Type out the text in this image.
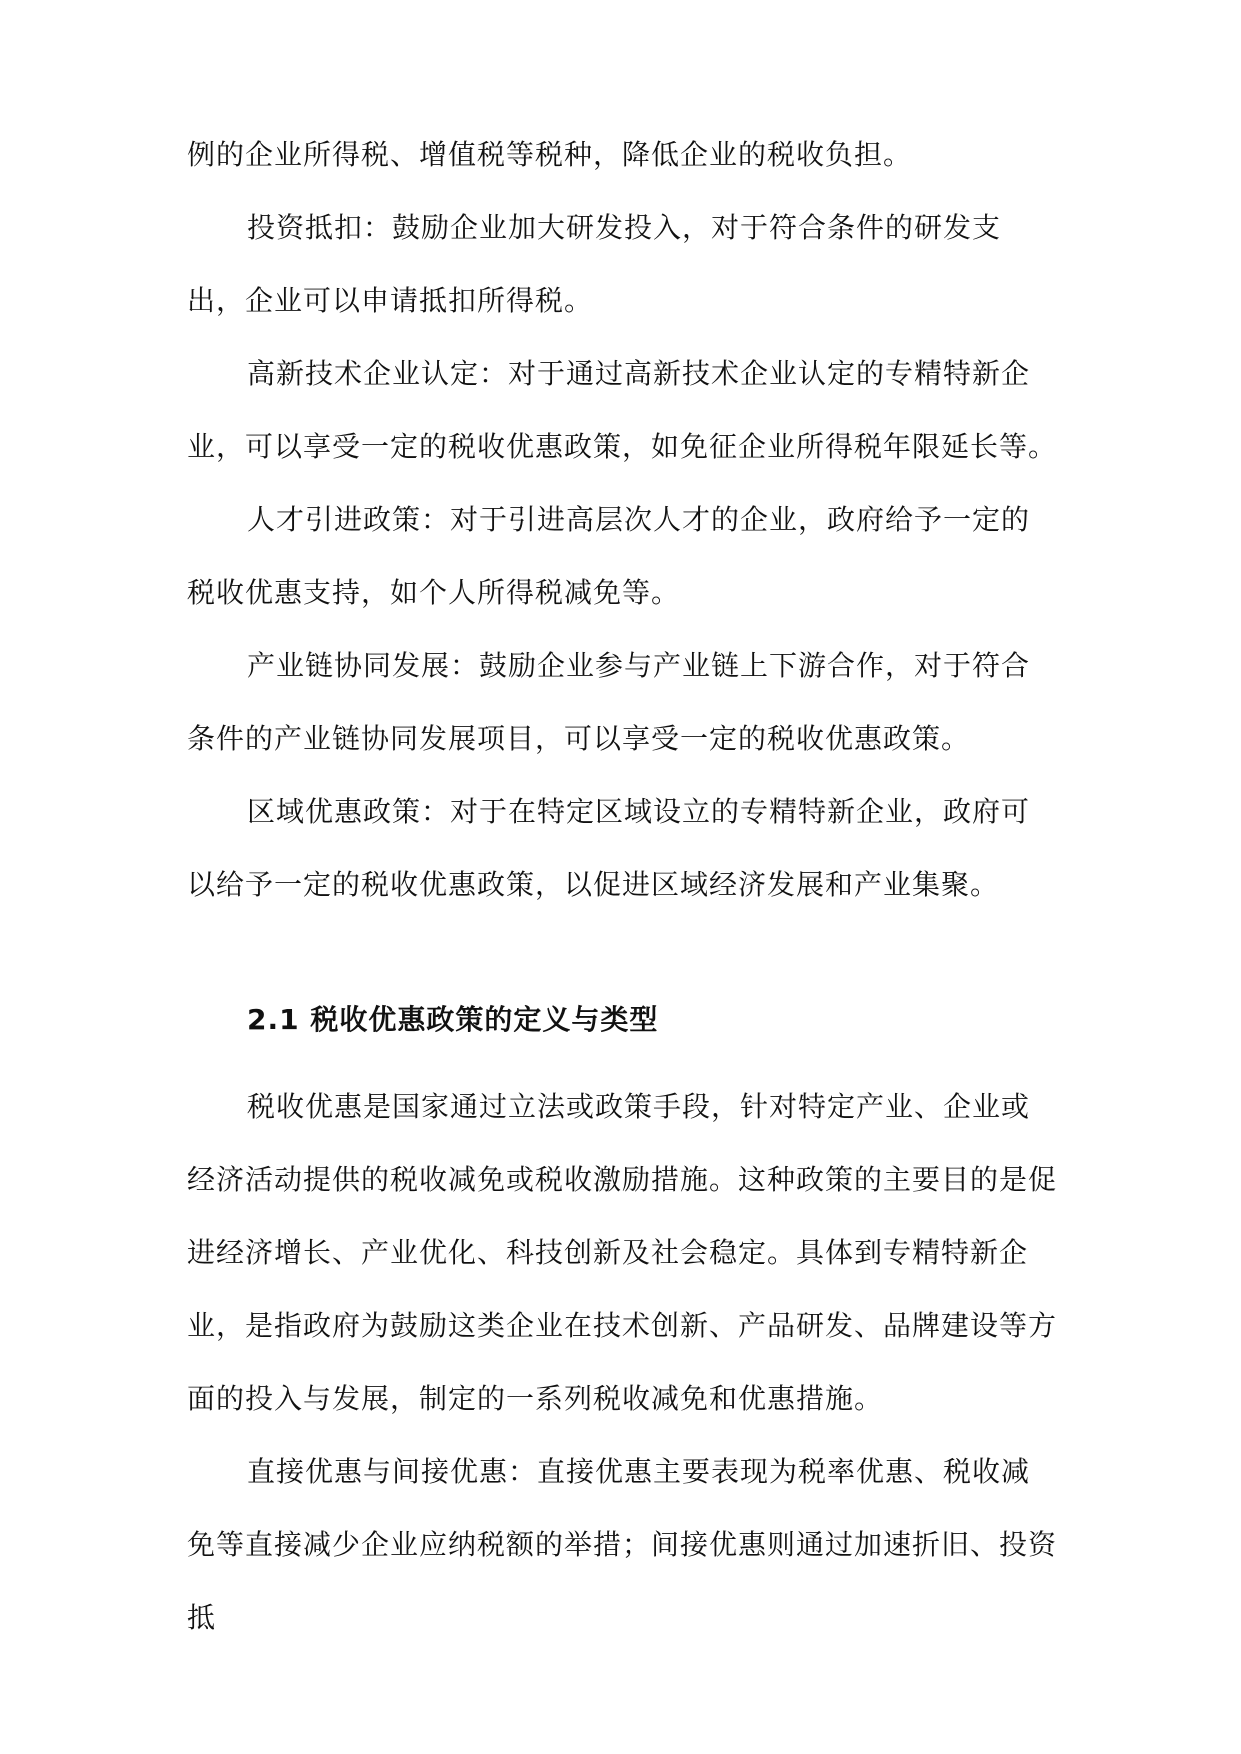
例的企业所得税、增值税等税种，降低企业的税收负担。

投资抵扣：鼓励企业加大研发投入，对于符合条件的研发支出，企业可以申请抵扣所得税。

高新技术企业认定：对于通过高新技术企业认定的专精特新企业，可以享受一定的税收优惠政策，如免征企业所得税年限延长等。

人才引进政策：对于引进高层次人才的企业，政府给予一定的税收优惠支持，如个人所得税减免等。

产业链协同发展：鼓励企业参与产业链上下游合作，对于符合条件的产业链协同发展项目，可以享受一定的税收优惠政策。

区域优惠政策：对于在特定区域设立的专精特新企业，政府可以给予一定的税收优惠政策，以促进区域经济发展和产业集聚。

2.1 税收优惠政策的定义与类型

税收优惠是国家通过立法或政策手段，针对特定产业、企业或经济活动提供的税收减免或税收激励措施。这种政策的主要目的是促进经济增长、产业优化、科技创新及社会稳定。具体到专精特新企业，是指政府为鼓励这类企业在技术创新、产品研发、品牌建设等方面的投入与发展，制定的一系列税收减免和优惠措施。

直接优惠与间接优惠：直接优惠主要表现为税率优惠、税收减免等直接减少企业应纳税额的举措；间接优惠则通过加速折旧、投资抵
